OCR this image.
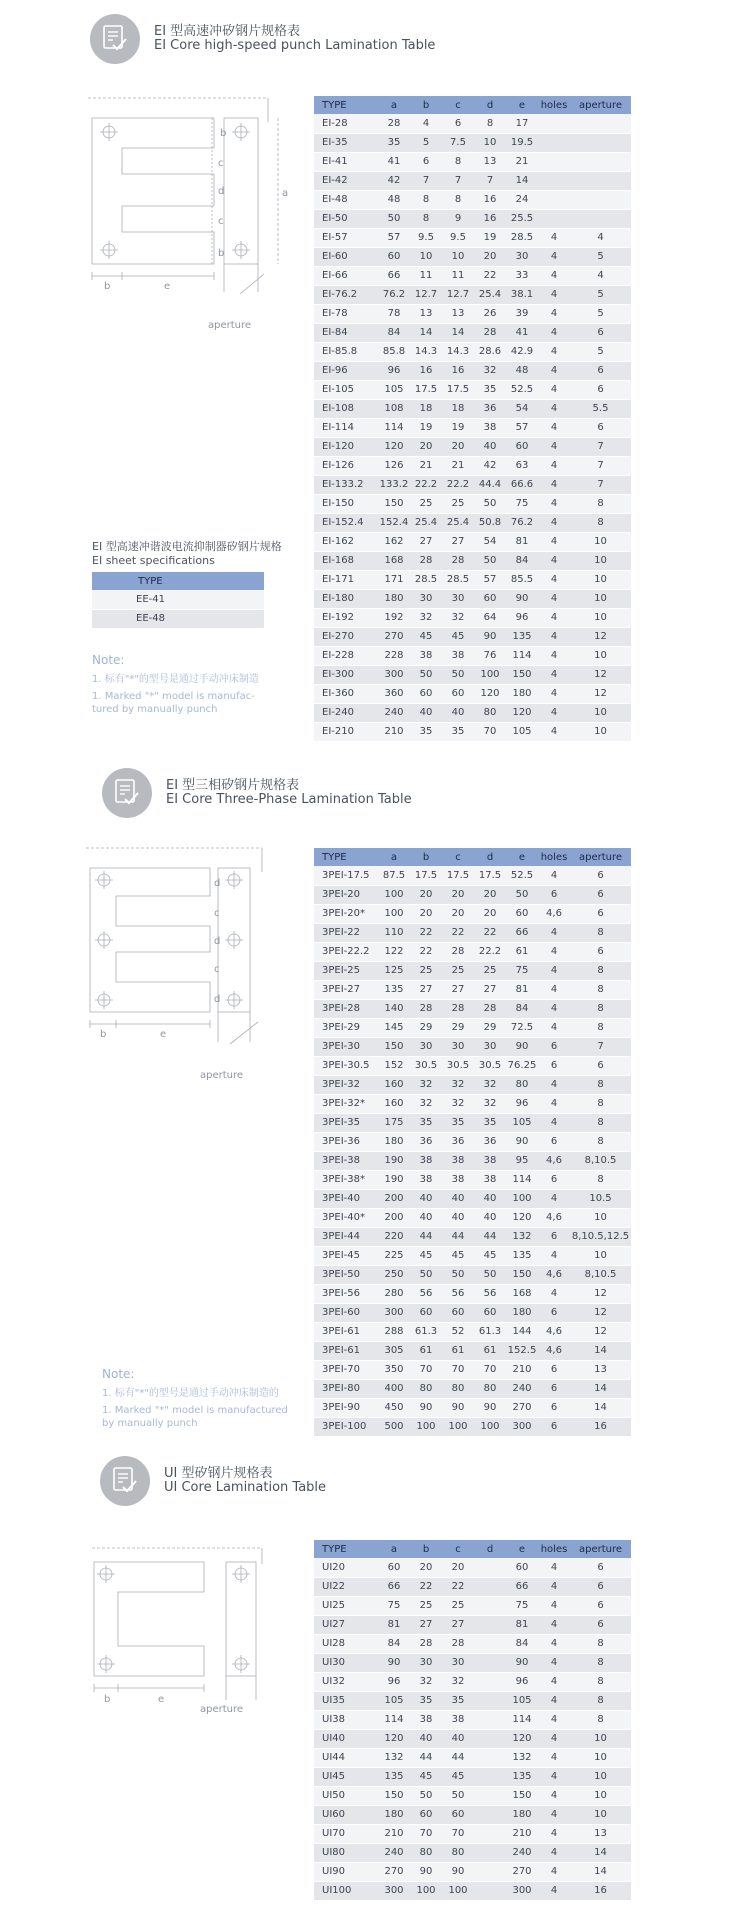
EI 型高速冲矽钢片规格表
EI Core high-speed punch Lamination Table
b
c
d
c
b
a
b	e
aperture
TYPE	a	b	c	d	e	holes	aperture
EI-28	28	4	6	8	17		
EI-35	35	5	7.5	10	19.5		
EI-41	41	6	8	13	21		
EI-42	42	7	7	7	14		
EI-48	48	8	8	16	24		
EI-50	50	8	9	16	25.5		
EI-57	57	9.5	9.5	19	28.5	4	4
EI-60	60	10	10	20	30	4	5
EI-66	66	11	11	22	33	4	4
EI-76.2	76.2	12.7	12.7	25.4	38.1	4	5
EI-78	78	13	13	26	39	4	5
EI-84	84	14	14	28	41	4	6
EI-85.8	85.8	14.3	14.3	28.6	42.9	4	5
EI-96	96	16	16	32	48	4	6
EI-105	105	17.5	17.5	35	52.5	4	6
EI-108	108	18	18	36	54	4	5.5
EI-114	114	19	19	38	57	4	6
EI-120	120	20	20	40	60	4	7
EI-126	126	21	21	42	63	4	7
EI-133.2	133.2	22.2	22.2	44.4	66.6	4	7
EI-150	150	25	25	50	75	4	8
EI-152.4	152.4	25.4	25.4	50.8	76.2	4	8
EI-162	162	27	27	54	81	4	10
EI-168	168	28	28	50	84	4	10
EI-171	171	28.5	28.5	57	85.5	4	10
EI-180	180	30	30	60	90	4	10
EI-192	192	32	32	64	96	4	10
EI-270	270	45	45	90	135	4	12
EI-228	228	38	38	76	114	4	10
EI-300	300	50	50	100	150	4	12
EI-360	360	60	60	120	180	4	12
EI-240	240	40	40	80	120	4	10
EI-210	210	35	35	70	105	4	10
EI 型高速冲谐波电流抑制器矽钢片规格
EI sheet specifications
TYPE
EE-41
EE-48
Note:
1. 标有"*"的型号是通过手动冲床制造
1. Marked "*" model is manufac-
tured by manually punch
EI 型三相矽钢片规格表
EI Core Three-Phase Lamination Table
d
c
d
c
d
b	e
aperture
TYPE	a	b	c	d	e	holes	aperture
3PEI-17.5	87.5	17.5	17.5	17.5	52.5	4	6
3PEI-20	100	20	20	20	50	6	6
3PEI-20*	100	20	20	20	60	4,6	6
3PEI-22	110	22	22	22	66	4	8
3PEI-22.2	122	22	28	22.2	61	4	6
3PEI-25	125	25	25	25	75	4	8
3PEI-27	135	27	27	27	81	4	8
3PEI-28	140	28	28	28	84	4	8
3PEI-29	145	29	29	29	72.5	4	8
3PEI-30	150	30	30	30	90	6	7
3PEI-30.5	152	30.5	30.5	30.5	76.25	6	6
3PEI-32	160	32	32	32	80	4	8
3PEI-32*	160	32	32	32	96	4	8
3PEI-35	175	35	35	35	105	4	8
3PEI-36	180	36	36	36	90	6	8
3PEI-38	190	38	38	38	95	4,6	8,10.5
3PEI-38*	190	38	38	38	114	6	8
3PEI-40	200	40	40	40	100	4	10.5
3PEI-40*	200	40	40	40	120	4,6	10
3PEI-44	220	44	44	44	132	6	8,10.5,12.5
3PEI-45	225	45	45	45	135	4	10
3PEI-50	250	50	50	50	150	4,6	8,10.5
3PEI-56	280	56	56	56	168	4	12
3PEI-60	300	60	60	60	180	6	12
3PEI-61	288	61.3	52	61.3	144	4,6	12
3PEI-61	305	61	61	61	152.5	4,6	14
3PEI-70	350	70	70	70	210	6	13
3PEI-80	400	80	80	80	240	6	14
3PEI-90	450	90	90	90	270	6	14
3PEI-100	500	100	100	100	300	6	16
Note:
1. 标有"*"的型号是通过手动冲床制造的
1. Marked "*" model is manufactured
by manually punch
UI 型矽钢片规格表
UI Core Lamination Table
b	e
aperture
TYPE	a	b	c	d	e	holes	aperture
UI20	60	20	20		60	4	6
UI22	66	22	22		66	4	6
UI25	75	25	25		75	4	6
UI27	81	27	27		81	4	6
UI28	84	28	28		84	4	8
UI30	90	30	30		90	4	8
UI32	96	32	32		96	4	8
UI35	105	35	35		105	4	8
UI38	114	38	38		114	4	8
UI40	120	40	40		120	4	10
UI44	132	44	44		132	4	10
UI45	135	45	45		135	4	10
UI50	150	50	50		150	4	10
UI60	180	60	60		180	4	10
UI70	210	70	70		210	4	13
UI80	240	80	80		240	4	14
UI90	270	90	90		270	4	14
UI100	300	100	100		300	4	16
